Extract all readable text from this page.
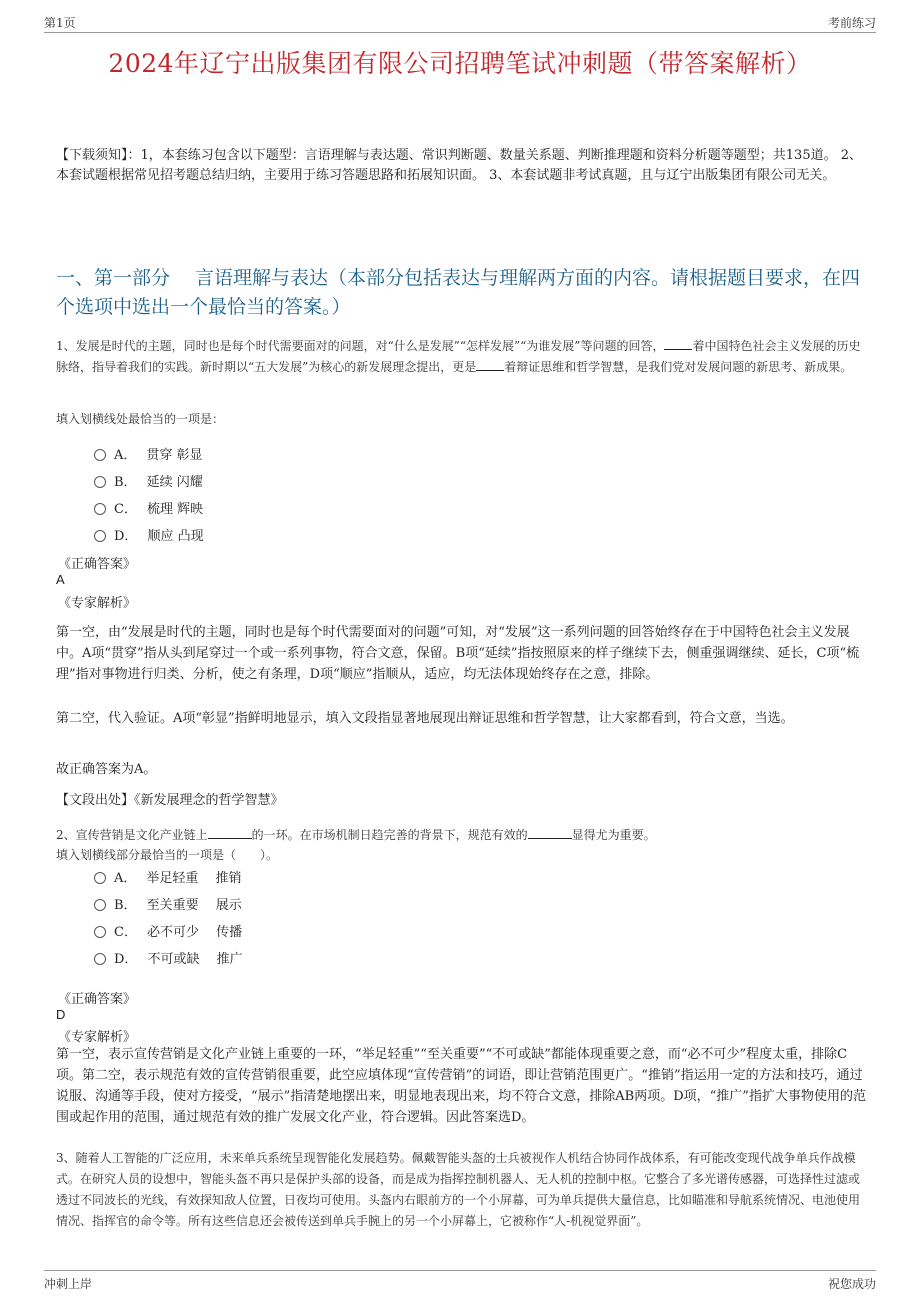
第1页	考前练习
2024年辽宁出版集团有限公司招聘笔试冲刺题（带答案解析）
【下载须知】：1，本套练习包含以下题型：言语理解与表达题、常识判断题、数量关系题、判断推理题和资料分析题等题型；共135道。 2、本套试题根据常见招考题总结归纳，主要用于练习答题思路和拓展知识面。 3、本套试题非考试真题，且与辽宁出版集团有限公司无关。
一、第一部分　 言语理解与表达（本部分包括表达与理解两方面的内容。请根据题目要求，在四个选项中选出一个最恰当的答案。）
1、发展是时代的主题，同时也是每个时代需要面对的问题，对“什么是发展”“怎样发展”“为谁发展”等问题的回答， 着中国特色社会主义发展的历史脉络，指导着我们的实践。新时期以“五大发展”为核心的新发展理念提出，更是 着辩证思维和哲学智慧，是我们党对发展问题的新思考、新成果。
填入划横线处最恰当的一项是：
A． 贯穿 彰显
B． 延续 闪耀
C． 梳理 辉映
D． 顺应 凸现
《正确答案》
A
《专家解析》
第一空，由“发展是时代的主题，同时也是每个时代需要面对的问题”可知，对“发展”这一系列问题的回答始终存在于中国特色社会主义发展中。A项“贯穿”指从头到尾穿过一个或一系列事物，符合文意，保留。B项“延续”指按照原来的样子继续下去，侧重强调继续、延长，C项“梳理”指对事物进行归类、分析，使之有条理，D项“顺应”指顺从，适应，均无法体现始终存在之意，排除。
第二空，代入验证。A项“彰显”指鲜明地显示，填入文段指显著地展现出辩证思维和哲学智慧，让大家都看到，符合文意，当选。
故正确答案为A。
【文段出处】《新发展理念的哲学智慧》
2、宣传营销是文化产业链上	的一环。在市场机制日趋完善的背景下，规范有效的	显得尤为重要。
填入划横线部分最恰当的一项是（　　）。
A． 举足轻重　 推销
B． 至关重要　 展示
C． 必不可少　 传播
D． 不可或缺　 推广
《正确答案》
D
《专家解析》
第一空，表示宣传营销是文化产业链上重要的一环，“举足轻重”“至关重要”“不可或缺”都能体现重要之意，而“必不可少”程度太重，排除C项。第二空，表示规范有效的宣传营销很重要，此空应填体现“宣传营销”的词语，即让营销范围更广。“推销”指运用一定的方法和技巧，通过说服、沟通等手段，使对方接受，“展示”指清楚地摆出来，明显地表现出来，均不符合文意，排除AB两项。D项，“推广”指扩大事物使用的范围或起作用的范围，通过规范有效的推广发展文化产业，符合逻辑。因此答案选D。
3、随着人工智能的广泛应用，未来单兵系统呈现智能化发展趋势。佩戴智能头盔的士兵被视作人机结合协同作战体系，有可能改变现代战争单兵作战模式。在研究人员的设想中，智能头盔不再只是保护头部的设备，而是成为指挥控制机器人、无人机的控制中枢。它整合了多光谱传感器，可选择性过滤或透过不同波长的光线，有效探知敌人位置，日夜均可使用。头盔内右眼前方的一个小屏幕，可为单兵提供大量信息，比如瞄准和导航系统情况、电池使用情况、指挥官的命令等。所有这些信息还会被传送到单兵手腕上的另一个小屏幕上，它被称作“人-机视觉界面”。
冲刺上岸	祝您成功
